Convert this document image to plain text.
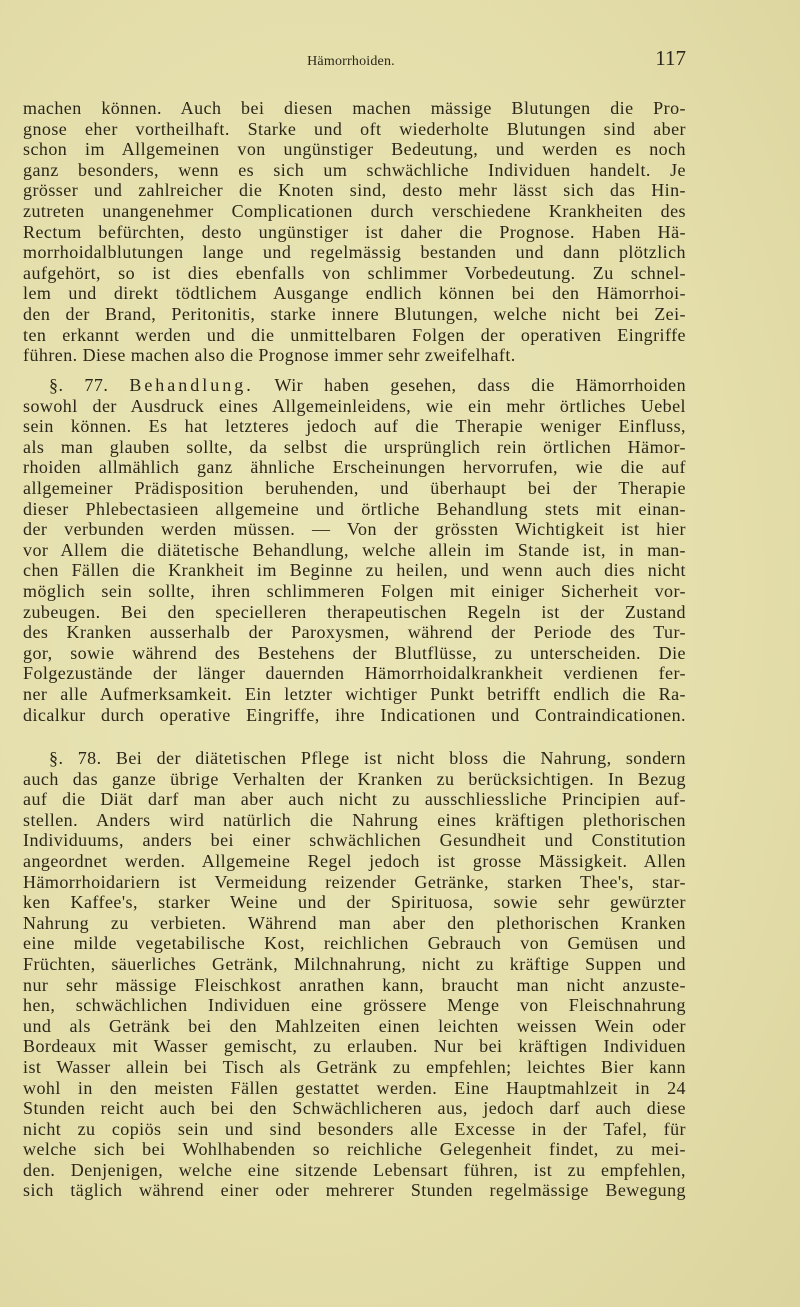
Hämorrhoiden.	117
machen können. Auch bei diesen machen mässige Blutungen die Pro-
gnose eher vortheilhaft. Starke und oft wiederholte Blutungen sind aber
schon im Allgemeinen von ungünstiger Bedeutung, und werden es noch
ganz besonders, wenn es sich um schwächliche Individuen handelt. Je
grösser und zahlreicher die Knoten sind, desto mehr lässt sich das Hin-
zutreten unangenehmer Complicationen durch verschiedene Krankheiten des
Rectum befürchten, desto ungünstiger ist daher die Prognose. Haben Hä-
morrhoidalblutungen lange und regelmässig bestanden und dann plötzlich
aufgehört, so ist dies ebenfalls von schlimmer Vorbedeutung. Zu schnel-
lem und direkt tödtlichem Ausgange endlich können bei den Hämorrhoi-
den der Brand, Peritonitis, starke innere Blutungen, welche nicht bei Zei-
ten erkannt werden und die unmittelbaren Folgen der operativen Eingriffe
führen. Diese machen also die Prognose immer sehr zweifelhaft.
§. 77. Behandlung. Wir haben gesehen, dass die Hämorrhoiden
sowohl der Ausdruck eines Allgemeinleidens, wie ein mehr örtliches Uebel
sein können. Es hat letzteres jedoch auf die Therapie weniger Einfluss,
als man glauben sollte, da selbst die ursprünglich rein örtlichen Hämor-
rhoiden allmählich ganz ähnliche Erscheinungen hervorrufen, wie die auf
allgemeiner Prädisposition beruhenden, und überhaupt bei der Therapie
dieser Phlebectasieen allgemeine und örtliche Behandlung stets mit einan-
der verbunden werden müssen. — Von der grössten Wichtigkeit ist hier
vor Allem die diätetische Behandlung, welche allein im Stande ist, in man-
chen Fällen die Krankheit im Beginne zu heilen, und wenn auch dies nicht
möglich sein sollte, ihren schlimmeren Folgen mit einiger Sicherheit vor-
zubeugen. Bei den specielleren therapeutischen Regeln ist der Zustand
des Kranken ausserhalb der Paroxysmen, während der Periode des Tur-
gor, sowie während des Bestehens der Blutflüsse, zu unterscheiden. Die
Folgezustände der länger dauernden Hämorrhoidalkrankheit verdienen fer-
ner alle Aufmerksamkeit. Ein letzter wichtiger Punkt betrifft endlich die Ra-
dicalkur durch operative Eingriffe, ihre Indicationen und Contraindicationen.
§. 78. Bei der diätetischen Pflege ist nicht bloss die Nahrung, sondern
auch das ganze übrige Verhalten der Kranken zu berücksichtigen. In Bezug
auf die Diät darf man aber auch nicht zu ausschliessliche Principien auf-
stellen. Anders wird natürlich die Nahrung eines kräftigen plethorischen
Individuums, anders bei einer schwächlichen Gesundheit und Constitution
angeordnet werden. Allgemeine Regel jedoch ist grosse Mässigkeit. Allen
Hämorrhoidariern ist Vermeidung reizender Getränke, starken Thee's, star-
ken Kaffee's, starker Weine und der Spirituosa, sowie sehr gewürzter
Nahrung zu verbieten. Während man aber den plethorischen Kranken
eine milde vegetabilische Kost, reichlichen Gebrauch von Gemüsen und
Früchten, säuerliches Getränk, Milchnahrung, nicht zu kräftige Suppen und
nur sehr mässige Fleischkost anrathen kann, braucht man nicht anzuste-
hen, schwächlichen Individuen eine grössere Menge von Fleischnahrung
und als Getränk bei den Mahlzeiten einen leichten weissen Wein oder
Bordeaux mit Wasser gemischt, zu erlauben. Nur bei kräftigen Individuen
ist Wasser allein bei Tisch als Getränk zu empfehlen; leichtes Bier kann
wohl in den meisten Fällen gestattet werden. Eine Hauptmahlzeit in 24
Stunden reicht auch bei den Schwächlicheren aus, jedoch darf auch diese
nicht zu copiös sein und sind besonders alle Excesse in der Tafel, für
welche sich bei Wohlhabenden so reichliche Gelegenheit findet, zu mei-
den. Denjenigen, welche eine sitzende Lebensart führen, ist zu empfehlen,
sich täglich während einer oder mehrerer Stunden regelmässige Bewegung
